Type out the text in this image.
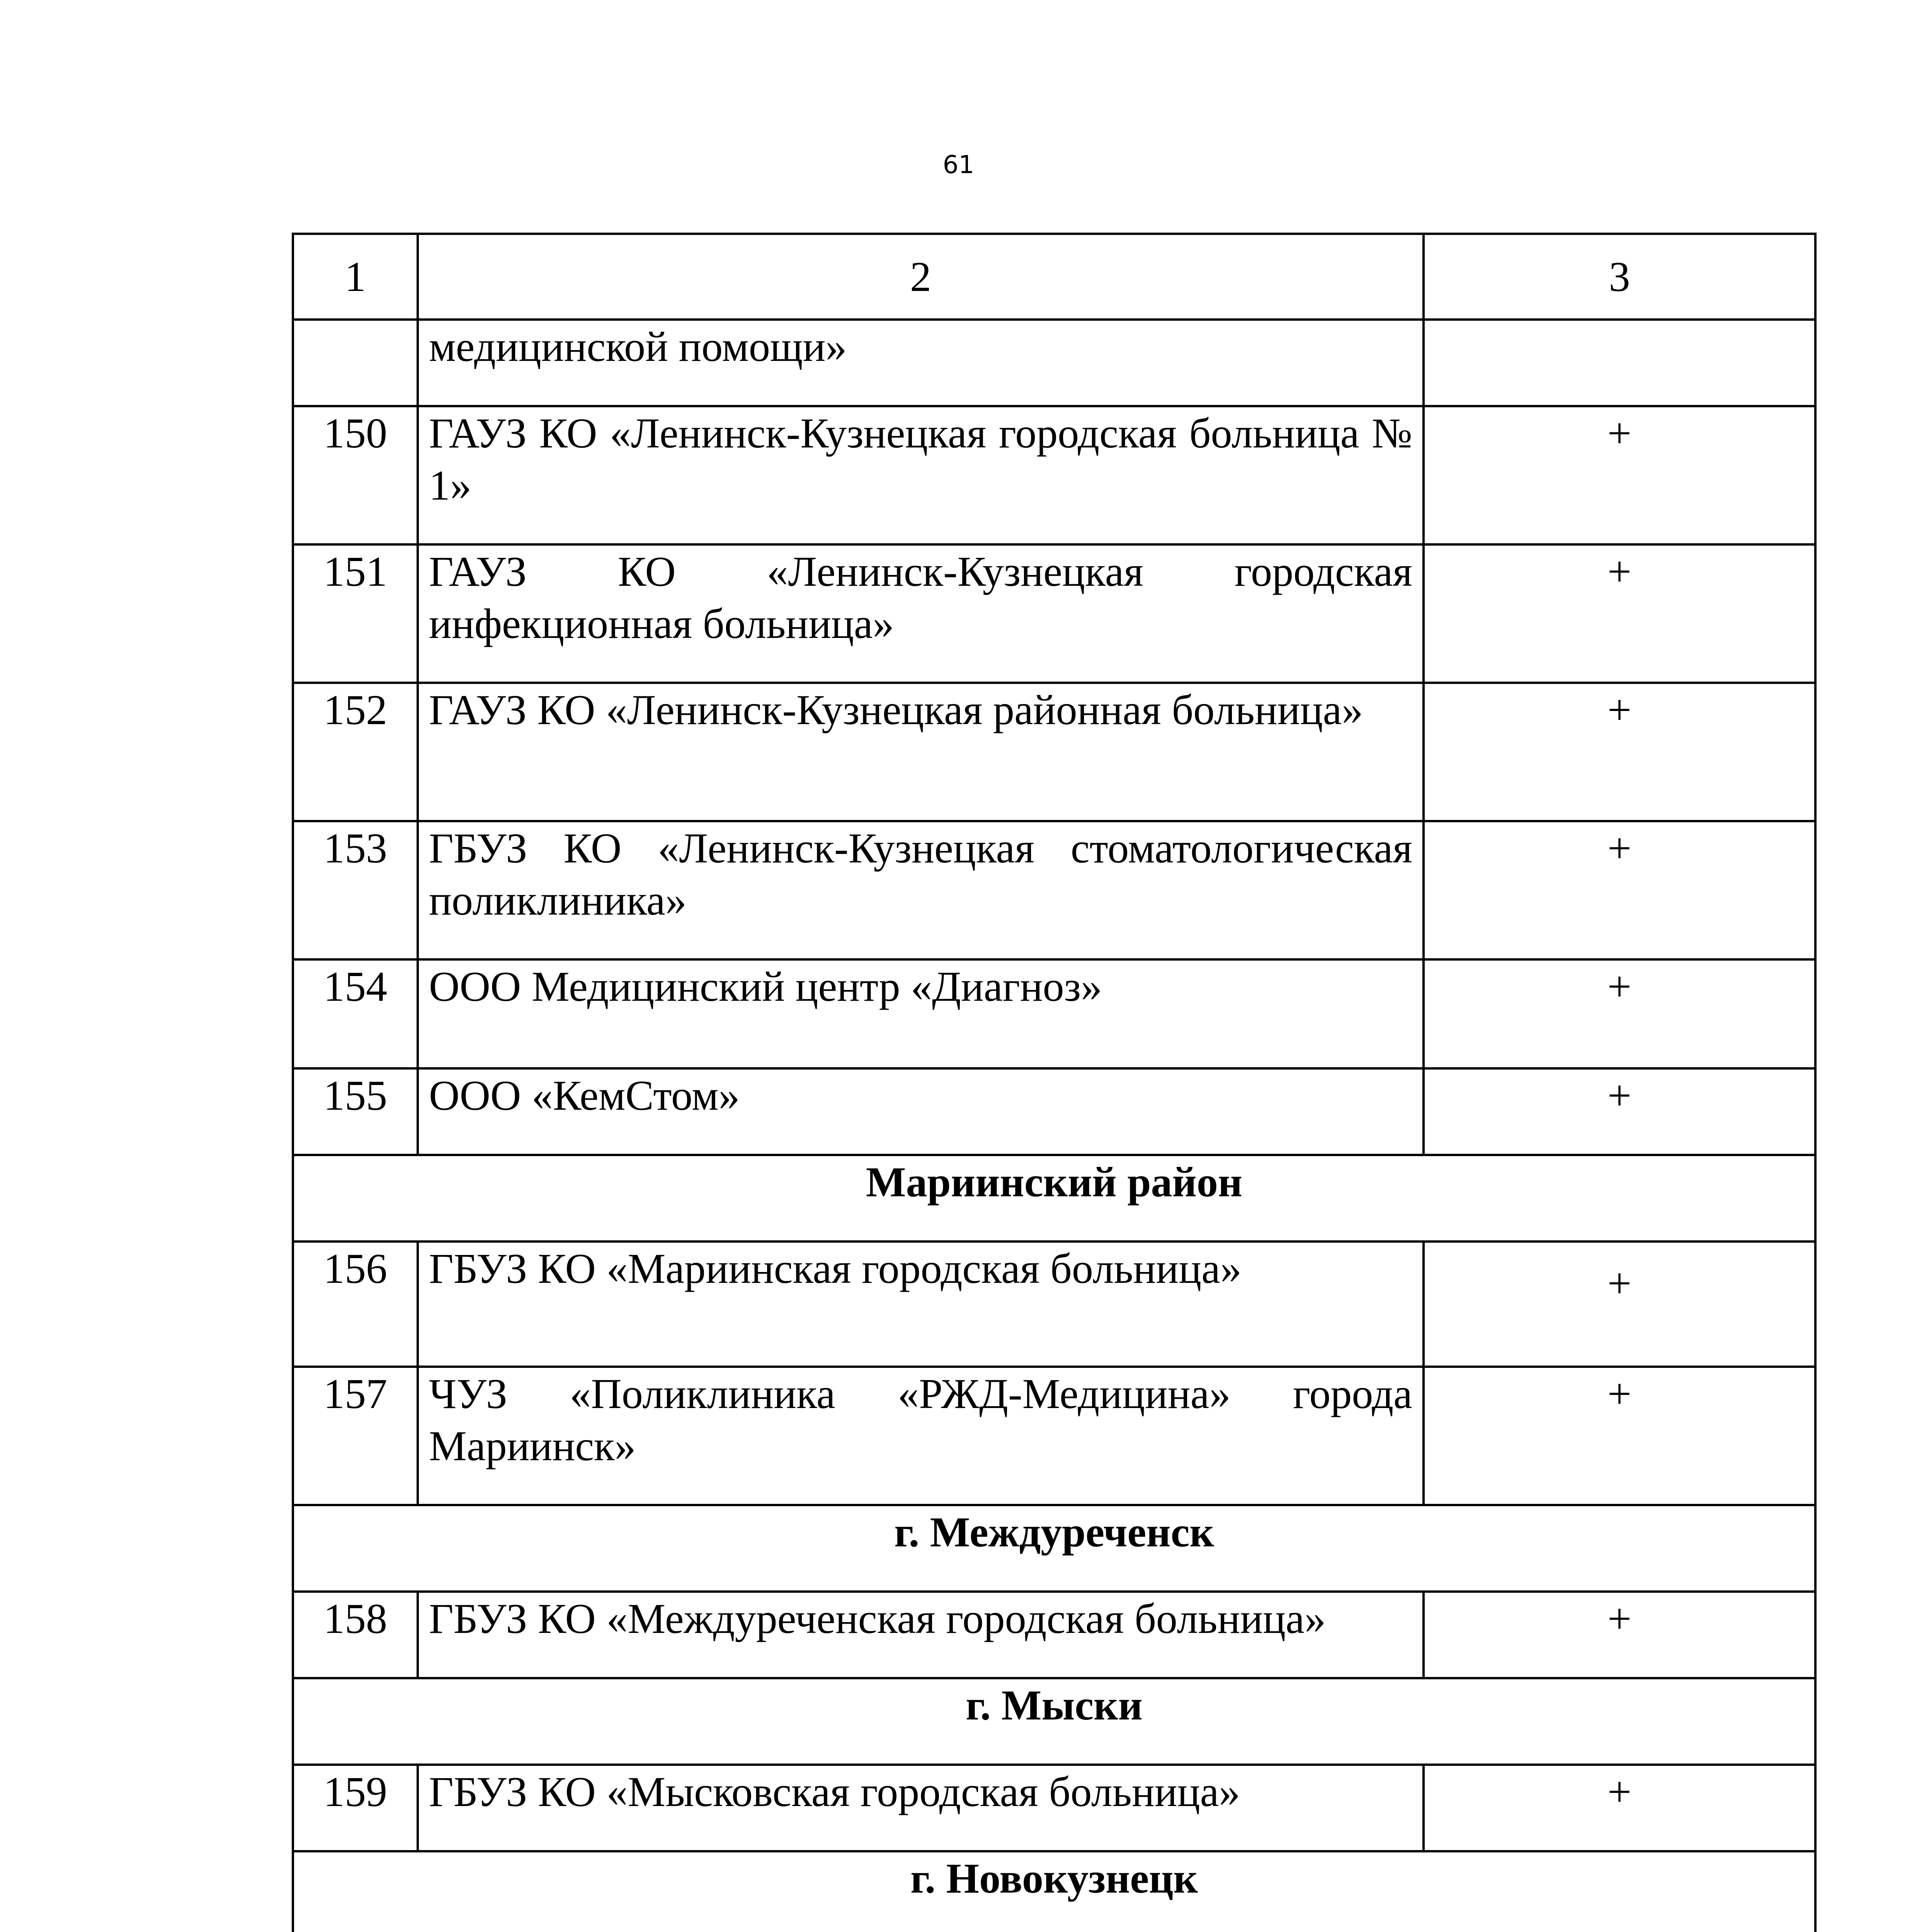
61
1	2	3
	медицинской помощи»	
150	ГАУЗ КО «Ленинск-Кузнецкая городская больница № 1»	+
151	ГАУЗ КО «Ленинск-Кузнецкая городская инфекционная больница»	+
152	ГАУЗ КО «Ленинск-Кузнецкая районная больница»	+
153	ГБУЗ КО «Ленинск-Кузнецкая стоматологическая поликлиника»	+
154	ООО Медицинский центр «Диагноз»	+
155	ООО «КемСтом»	+
Мариинский район		
156	ГБУЗ КО «Мариинская городская больница»	+
157	ЧУЗ «Поликлиника «РЖД-Медицина» города Мариинск»	+
г. Междуреченск		
158	ГБУЗ КО «Междуреченская городская больница»	+
г. Мыски		
159	ГБУЗ КО «Мысковская городская больница»	+
г. Новокузнецк		
